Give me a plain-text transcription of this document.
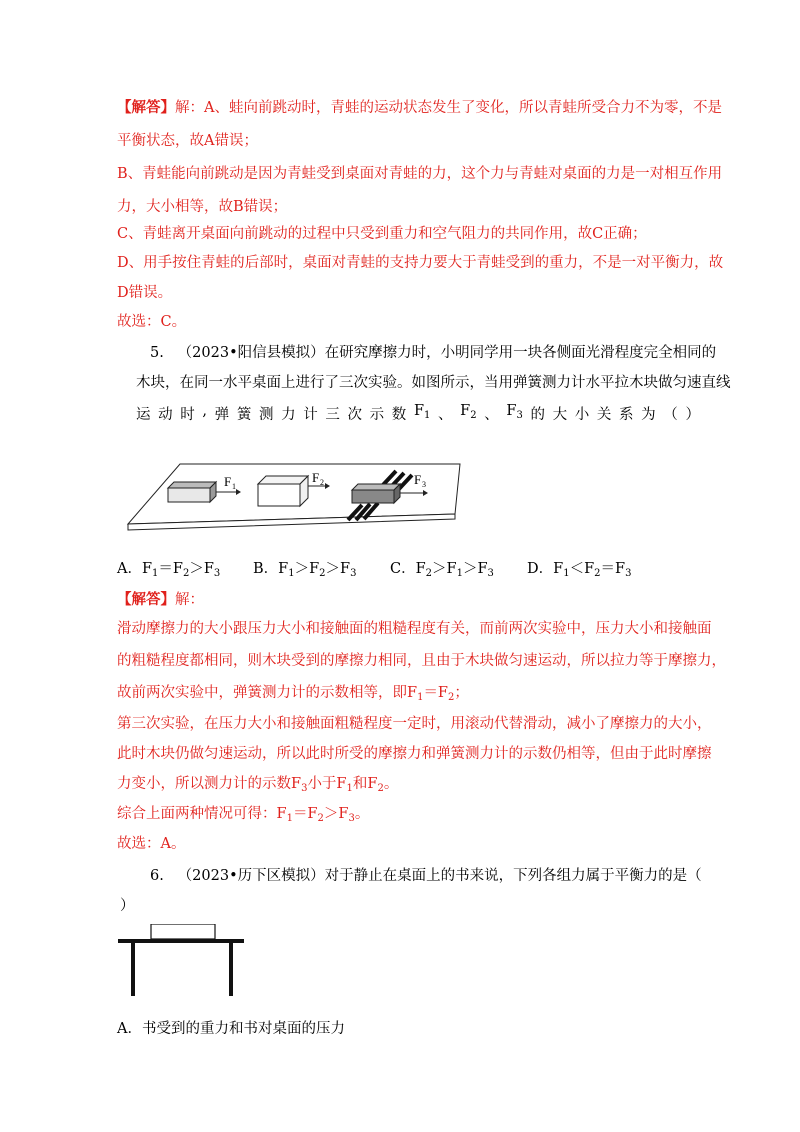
【解答】解：A、蛙向前跳动时，青蛙的运动状态发生了变化，所以青蛙所受合力不为零，不是
平衡状态，故A错误；
B、青蛙能向前跳动是因为青蛙受到桌面对青蛙的力，这个力与青蛙对桌面的力是一对相互作用
力，大小相等，故B错误；
C、青蛙离开桌面向前跳动的过程中只受到重力和空气阻力的共同作用，故C正确；
D、用手按住青蛙的后部时，桌面对青蛙的支持力要大于青蛙受到的重力，不是一对平衡力，故
D错误。
故选：C。
5. （2023•阳信县模拟）在研究摩擦力时，小明同学用一块各侧面光滑程度完全相同的
木块，在同一水平桌面上进行了三次实验。如图所示，当用弹簧测力计水平拉木块做匀速直线
运 动 时 , 弹 簧 测 力 计 三 次 示 数 $F_1$ 、 $F_2$ 、 $F_3$ 的 大 小 关 系 为 （ ）
F 1
F 2	F 3
A．$F_1=F_2>F_3$ B．$F_1>F_2>F_3$ C．$F_2>F_1>F_3$ D．$F_1<F_2=F_3$
【解答】解：
滑动摩擦力的大小跟压力大小和接触面的粗糙程度有关，而前两次实验中，压力大小和接触面
的粗糙程度都相同，则木块受到的摩擦力相同，且由于木块做匀速运动，所以拉力等于摩擦力，
故前两次实验中，弹簧测力计的示数相等，即$F_1=F_2$；
第三次实验，在压力大小和接触面粗糙程度一定时，用滚动代替滑动，减小了摩擦力的大小，
此时木块仍做匀速运动，所以此时所受的摩擦力和弹簧测力计的示数仍相等，但由于此时摩擦
力变小，所以测力计的示数$F_3$小于$F_1$和$F_2$。
综合上面两种情况可得：$F_1=F_2>F_3$。
故选：A。
6. （2023•历下区模拟）对于静止在桌面上的书来说，下列各组力属于平衡力的是（
）
A．书受到的重力和书对桌面的压力
